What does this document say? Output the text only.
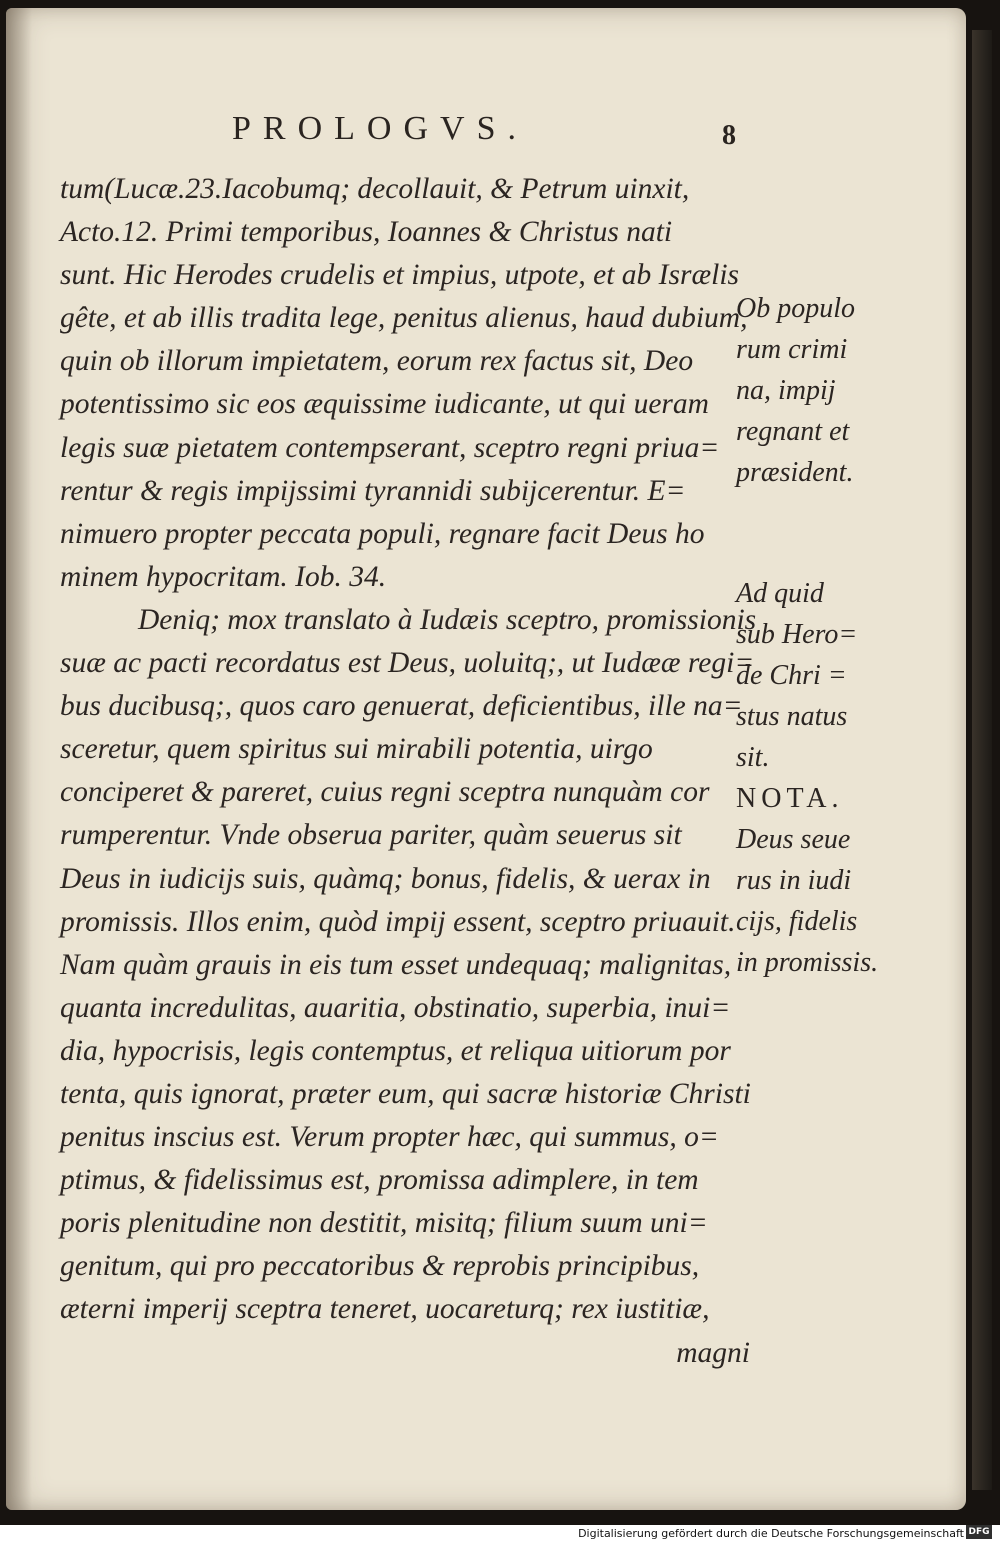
PROLOGVS.	8
tum(Lucæ.23.Iacobumq; decollauit, & Petrum uinxit,
Acto.12. Primi temporibus, Ioannes & Christus nati
sunt. Hic Herodes crudelis et impius, utpote, et ab Isrælis
gête, et ab illis tradita lege, penitus alienus, haud dubium,
quin ob illorum impietatem, eorum rex factus sit, Deo
potentissimo sic eos æquissime iudicante, ut qui ueram
legis suæ pietatem contempserant, sceptro regni priua=
rentur & regis impijssimi tyrannidi subijcerentur. E=
nimuero propter peccata populi, regnare facit Deus ho
minem hypocritam. Iob. 34.
Deniq; mox translato à Iudæis sceptro, promissionis
suæ ac pacti recordatus est Deus, uoluitq;, ut Iudææ regi=
bus ducibusq;, quos caro genuerat, deficientibus, ille na=
sceretur, quem spiritus sui mirabili potentia, uirgo
conciperet & pareret, cuius regni sceptra nunquàm cor
rumperentur. Vnde obserua pariter, quàm seuerus sit
Deus in iudicijs suis, quàmq; bonus, fidelis, & uerax in
promissis. Illos enim, quòd impij essent, sceptro priuauit.
Nam quàm grauis in eis tum esset undequaq; malignitas,
quanta incredulitas, auaritia, obstinatio, superbia, inui=
dia, hypocrisis, legis contemptus, et reliqua uitiorum por
tenta, quis ignorat, præter eum, qui sacræ historiæ Christi
penitus inscius est. Verum propter hæc, qui summus, o=
ptimus, & fidelissimus est, promissa adimplere, in tem
poris plenitudine non destitit, misitq; filium suum uni=
genitum, qui pro peccatoribus & reprobis principibus,
æterni imperij sceptra teneret, uocareturq; rex iustitiæ,
magni
Ob populo
rum crimi
na, impij
regnant et
præsident.
Ad quid
sub Hero=
de Chri =
stus natus
sit.
NOTA.
Deus seue
rus in iudi
cijs, fidelis
in promissis.
Digitalisierung gefördert durch die Deutsche Forschungsgemeinschaft DFG
